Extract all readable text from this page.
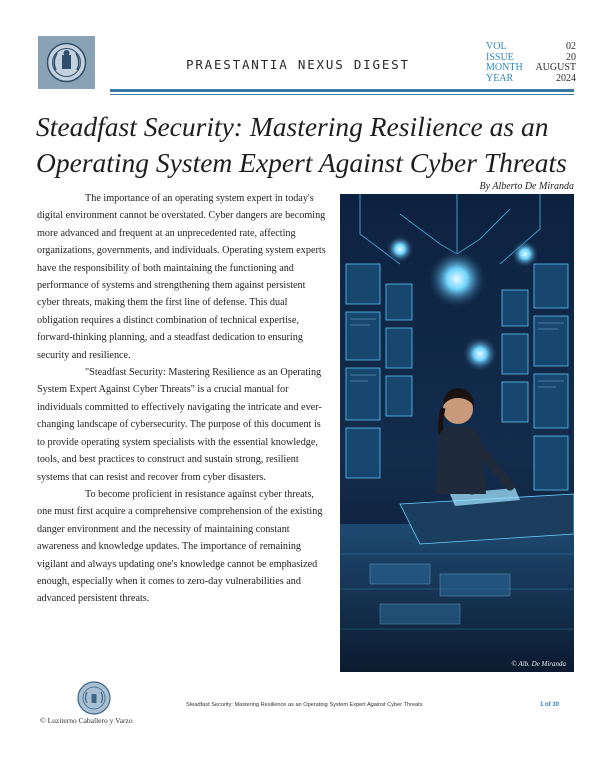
PRAESTANTIA NEXUS DIGEST
VOL	02
ISSUE	20
MONTH AUGUST
YEAR	2024
Steadfast Security: Mastering Resilience as an Operating System Expert Against Cyber Threats
By Alberto De Miranda

The importance of an operating system expert in today's digital environment cannot be overstated. Cyber dangers are becoming more advanced and frequent at an unprecedented rate, affecting organizations, governments, and individuals. Operating system experts have the responsibility of both maintaining the functioning and performance of systems and strengthening them against persistent cyber threats, making them the first line of defense. This dual obligation requires a distinct combination of technical expertise, forward-thinking planning, and a steadfast dedication to ensuring security and resilience.

"Steadfast Security: Mastering Resilience as an Operating System Expert Against Cyber Threats" is a crucial manual for individuals committed to effectively navigating the intricate and ever-changing landscape of cybersecurity. The purpose of this document is to provide operating system specialists with the essential knowledge, tools, and best practices to construct and sustain strong, resilient systems that can resist and recover from cyber disasters.

To become proficient in resistance against cyber threats, one must first acquire a comprehensive comprehension of the existing danger environment and the necessity of maintaining constant awareness and knowledge updates. The importance of remaining vigilant and always updating one's knowledge cannot be emphasized enough, especially when it comes to zero-day vulnerabilities and advanced persistent threats.

© Alb. De Miranda
© Luziterno Caballero y Varzo
Steadfast Security: Mastering Resilience as an Operating System Expert Against Cyber Threats	1 of 30
